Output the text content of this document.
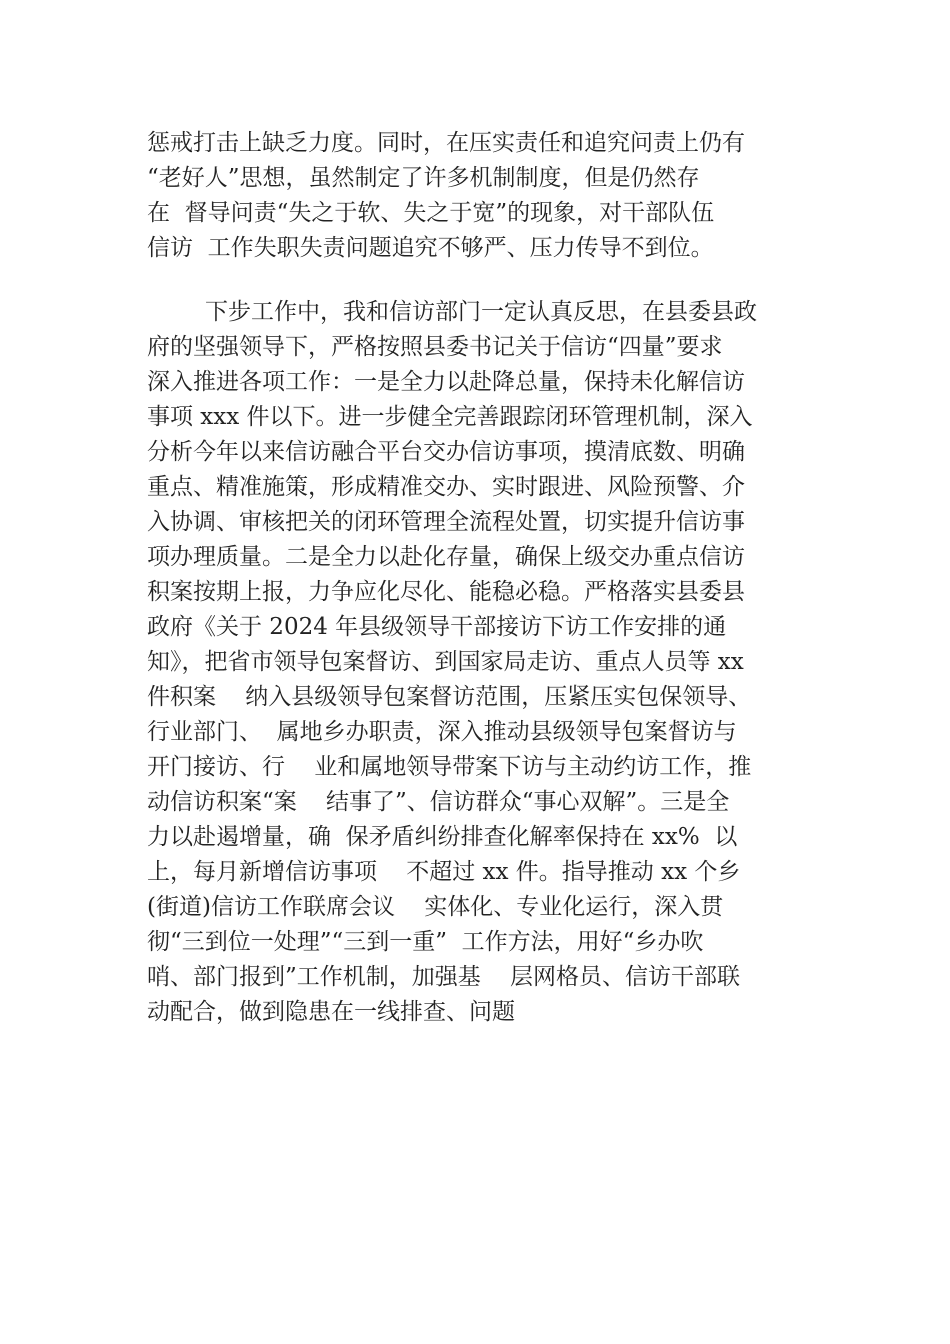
惩戒打击上缺乏力度。同时，在压实责任和追究问责上仍有
“老好人”思想，虽然制定了许多机制制度，但是仍然存
在  督导问责“失之于软、失之于宽”的现象，对干部队伍
信访  工作失职失责问题追究不够严、压力传导不到位。
下步工作中，我和信访部门一定认真反思，在县委县政
府的坚强领导下，严格按照县委书记关于信访“四量”要求
深入推进各项工作：一是全力以赴降总量，保持未化解信访
事项 xxx 件以下。进一步健全完善跟踪闭环管理机制，深入
分析今年以来信访融合平台交办信访事项，摸清底数、明确
重点、精准施策，形成精准交办、实时跟进、风险预警、介
入协调、审核把关的闭环管理全流程处置，切实提升信访事
项办理质量。二是全力以赴化存量，确保上级交办重点信访
积案按期上报，力争应化尽化、能稳必稳。严格落实县委县
政府《关于 2024 年县级领导干部接访下访工作安排的通
知》，把省市领导包案督访、到国家局走访、重点人员等 xx
件积案    纳入县级领导包案督访范围，压紧压实包保领导、
行业部门、  属地乡办职责，深入推动县级领导包案督访与
开门接访、行    业和属地领导带案下访与主动约访工作，推
动信访积案“案    结事了”、信访群众“事心双解”。三是全
力以赴遏增量，确  保矛盾纠纷排查化解率保持在 xx%  以
上，每月新增信访事项    不超过 xx 件。指导推动 xx 个乡
(街道)信访工作联席会议    实体化、专业化运行，深入贯
彻“三到位一处理”“三到一重”  工作方法，用好“乡办吹
哨、部门报到”工作机制，加强基    层网格员、信访干部联
动配合，做到隐患在一线排查、问题
